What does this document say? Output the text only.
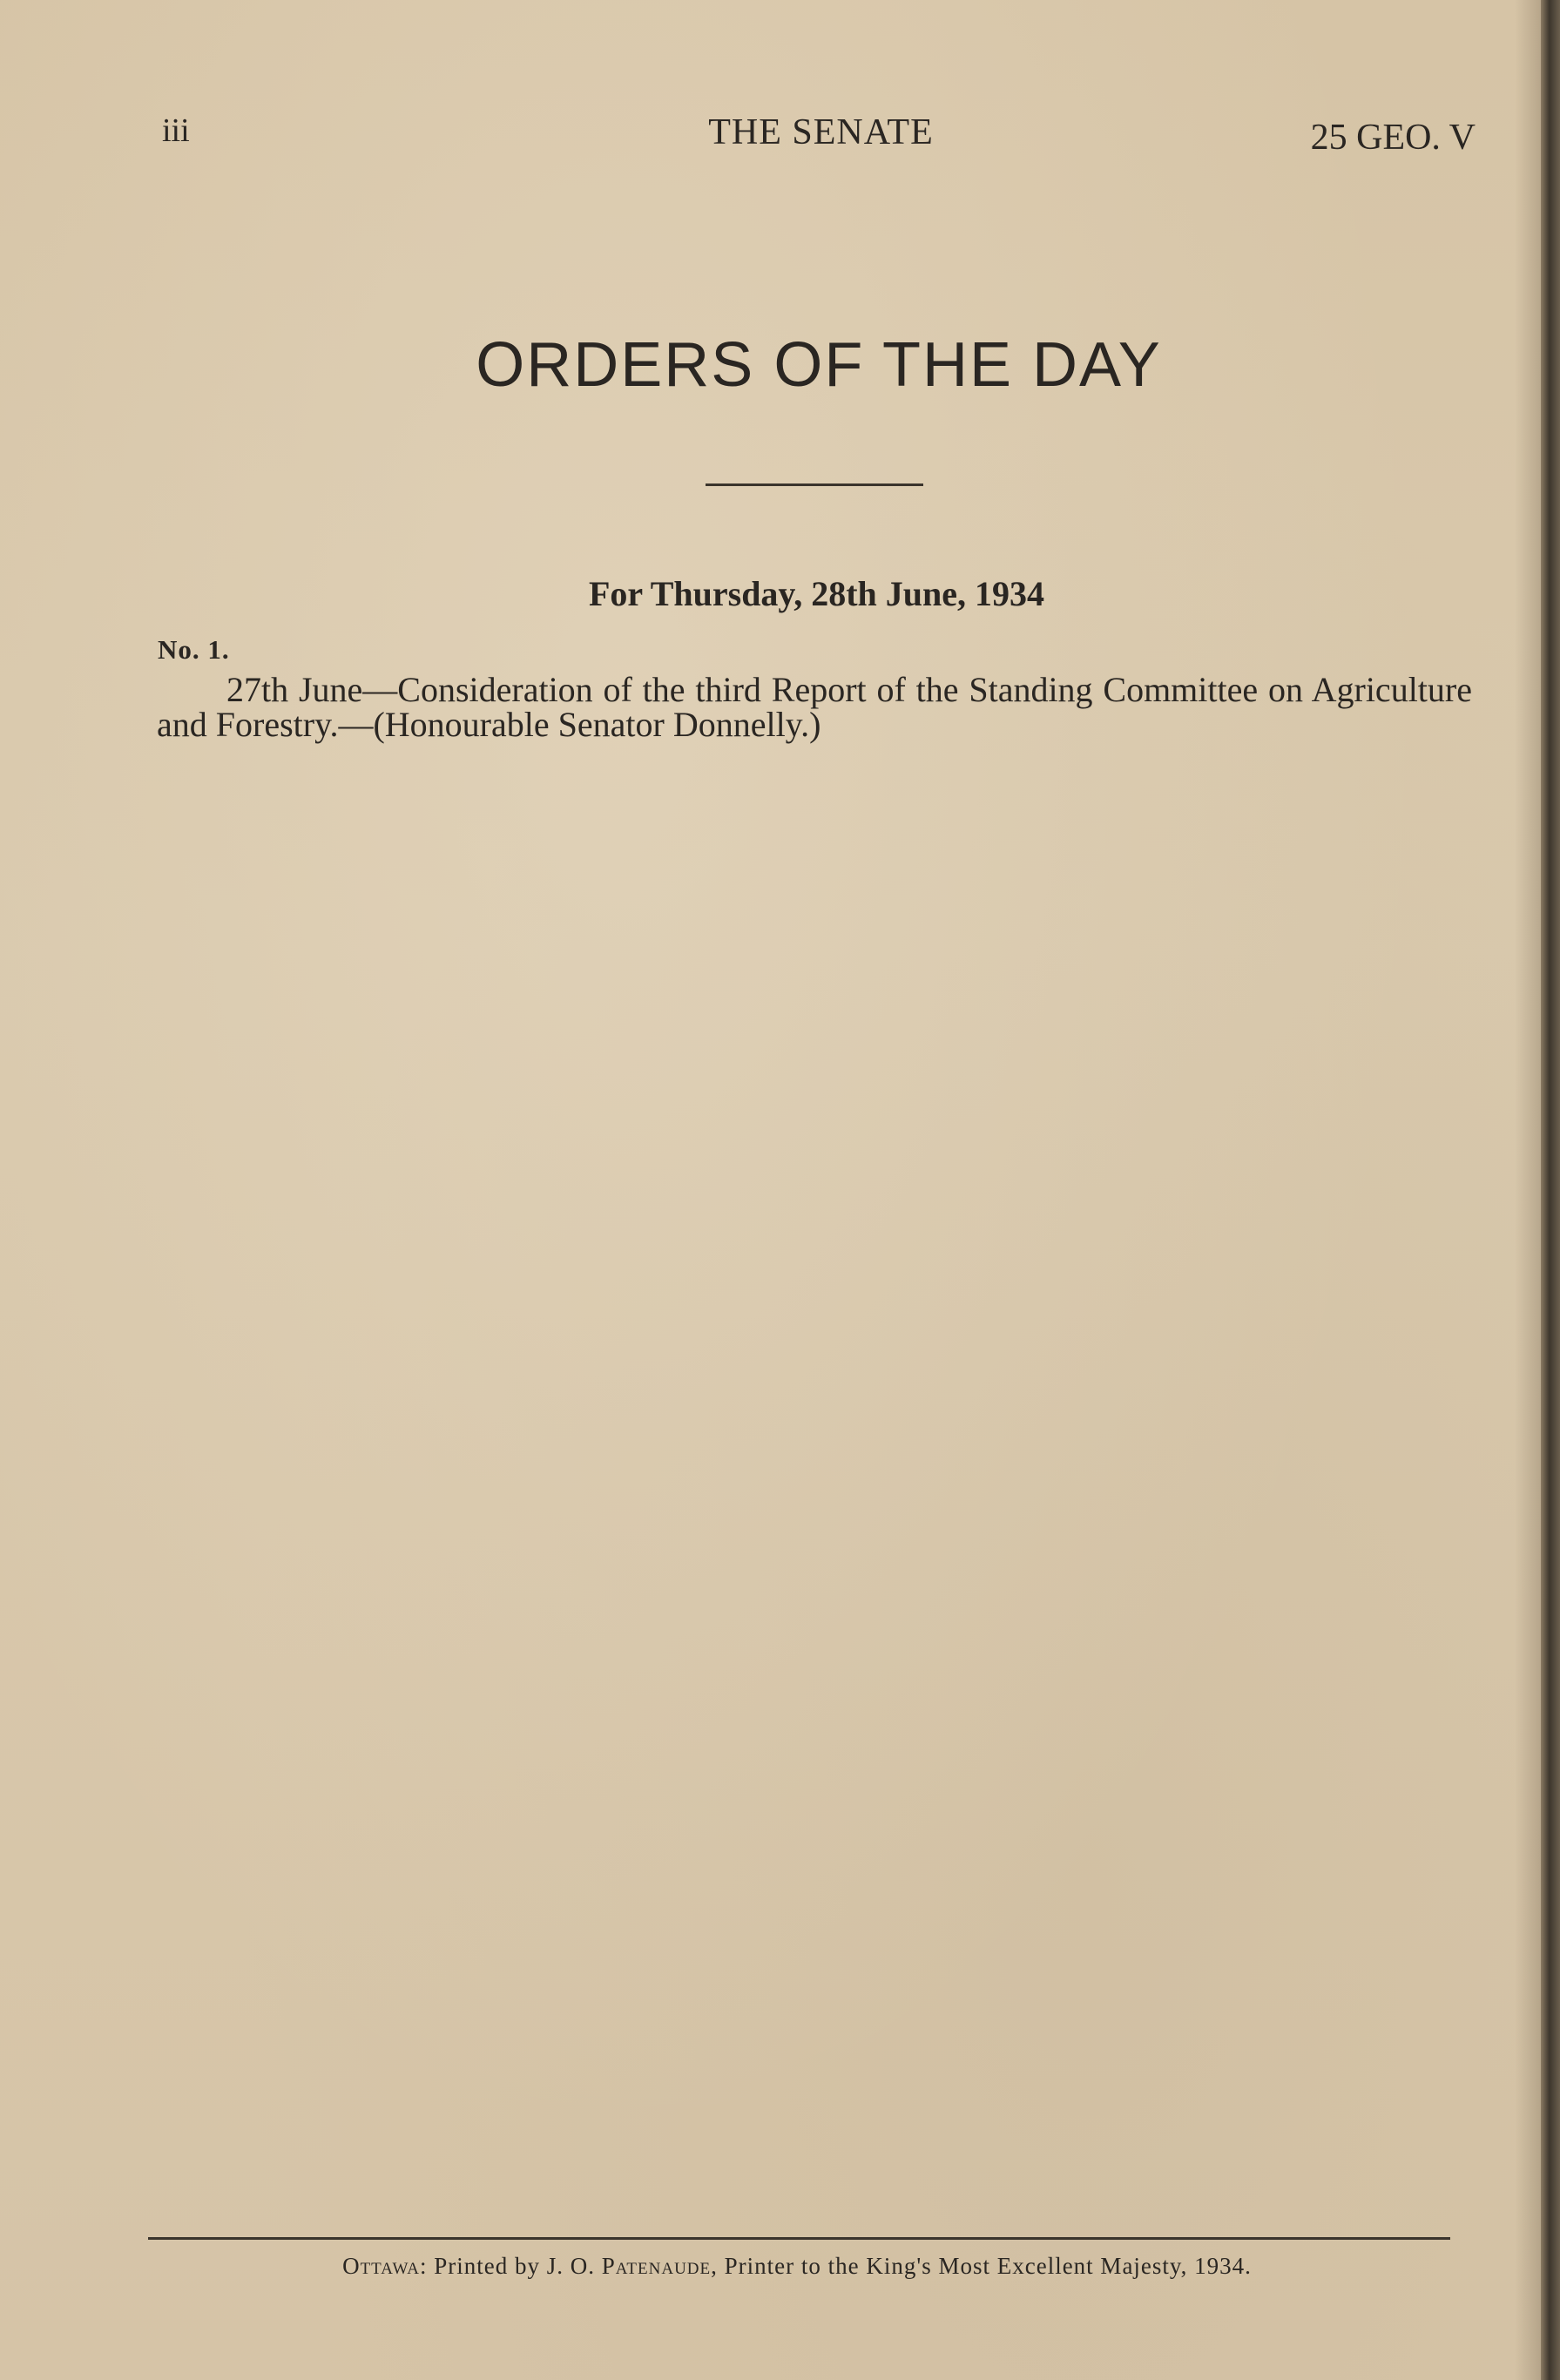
iii	THE SENATE	25 GEO. V
ORDERS OF THE DAY
For Thursday, 28th June, 1934
No. 1.

27th June—Consideration of the third Report of the Standing Committee on Agriculture and Forestry.—(Honourable Senator Donnelly.)

Ottawa: Printed by J. O. Patenaude, Printer to the King's Most Excellent Majesty, 1934.
